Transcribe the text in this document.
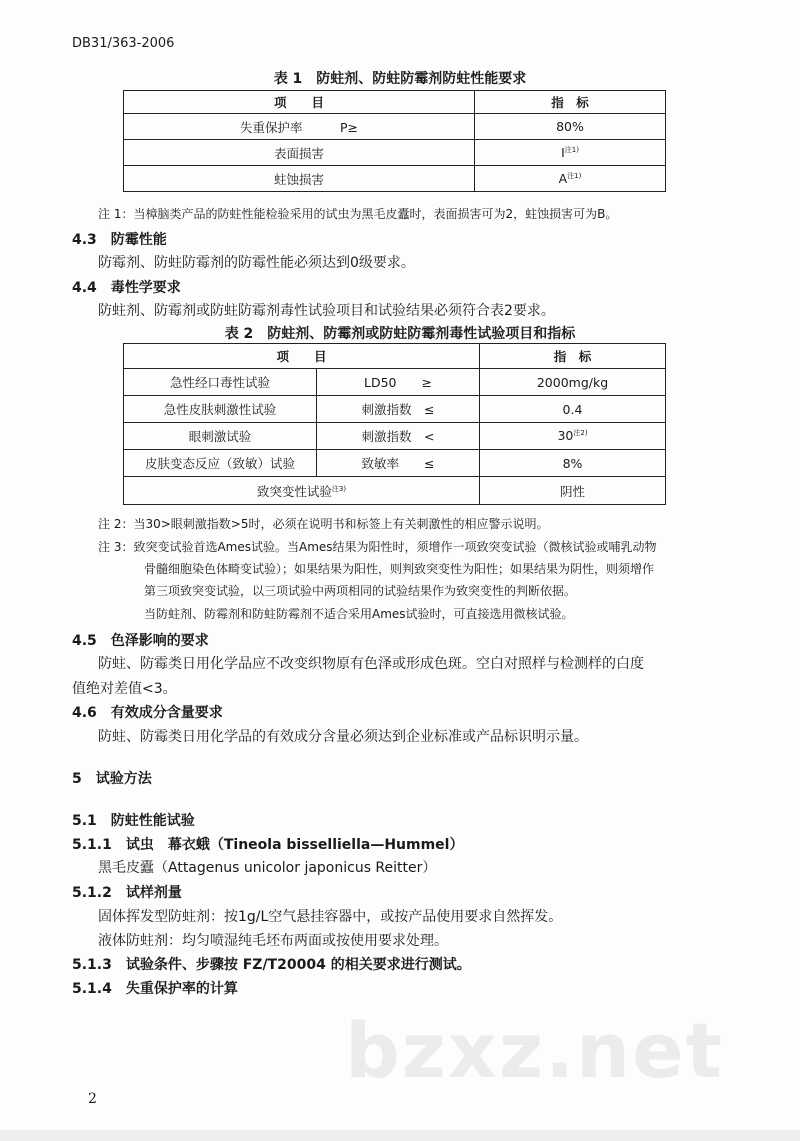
DB31/363-2006
表 1　防蛀剂、防蛀防霉剂防蛀性能要求
项　　目	指　标
失重保护率　　　P≥	80%
表面损害	Ⅰ$^{注1)}$
蛀蚀损害	$A^{注1)}$
注 1：当樟脑类产品的防蛀性能检验采用的试虫为黑毛皮蠹时，表面损害可为2，蛀蚀损害可为B。
4.3　防霉性能
防霉剂、防蛀防霉剂的防霉性能必须达到0级要求。
4.4　毒性学要求
防蛀剂、防霉剂或防蛀防霉剂毒性试验项目和试验结果必须符合表2要求。
表 2　防蛀剂、防霉剂或防蛀防霉剂毒性试验项目和指标
项　　目		指　标
急性经口毒性试验	LD50　　≥	2000mg/kg
急性皮肤刺激性试验	刺激指数　≤	0.4
眼刺激试验	刺激指数　<	$30^{注2)}$
皮肤变态反应（致敏）试验	致敏率　　≤	8%
致突变性试验$^{注3)}$		阴性
注 2：当30>眼刺激指数>5时，必须在说明书和标签上有关刺激性的相应警示说明。
注 3：致突变试验首选Ames试验。当Ames结果为阳性时，须增作一项致突变试验（微核试验或哺乳动物
骨髓细胞染色体畸变试验）；如果结果为阳性，则判致突变性为阳性；如果结果为阴性，则须增作
第三项致突变试验，以三项试验中两项相同的试验结果作为致突变性的判断依据。
当防蛀剂、防霉剂和防蛀防霉剂不适合采用Ames试验时，可直接选用微核试验。
4.5　色泽影响的要求
防蛀、防霉类日用化学品应不改变织物原有色泽或形成色斑。空白对照样与检测样的白度
值绝对差值<3。
4.6　有效成分含量要求
防蛀、防霉类日用化学品的有效成分含量必须达到企业标准或产品标识明示量。
5　试验方法
5.1　防蛀性能试验
5.1.1　试虫　幕衣蛾（Tineola bisselliella—Hummel）
黑毛皮蠹（Attagenus unicolor japonicus Reitter）
5.1.2　试样剂量
固体挥发型防蛀剂：按1g/L空气悬挂容器中，或按产品使用要求自然挥发。
液体防蛀剂：均匀喷湿纯毛坯布两面或按使用要求处理。
5.1.3　试验条件、步骤按 FZ/T20004 的相关要求进行测试。
5.1.4　失重保护率的计算
bzxz.net
2
